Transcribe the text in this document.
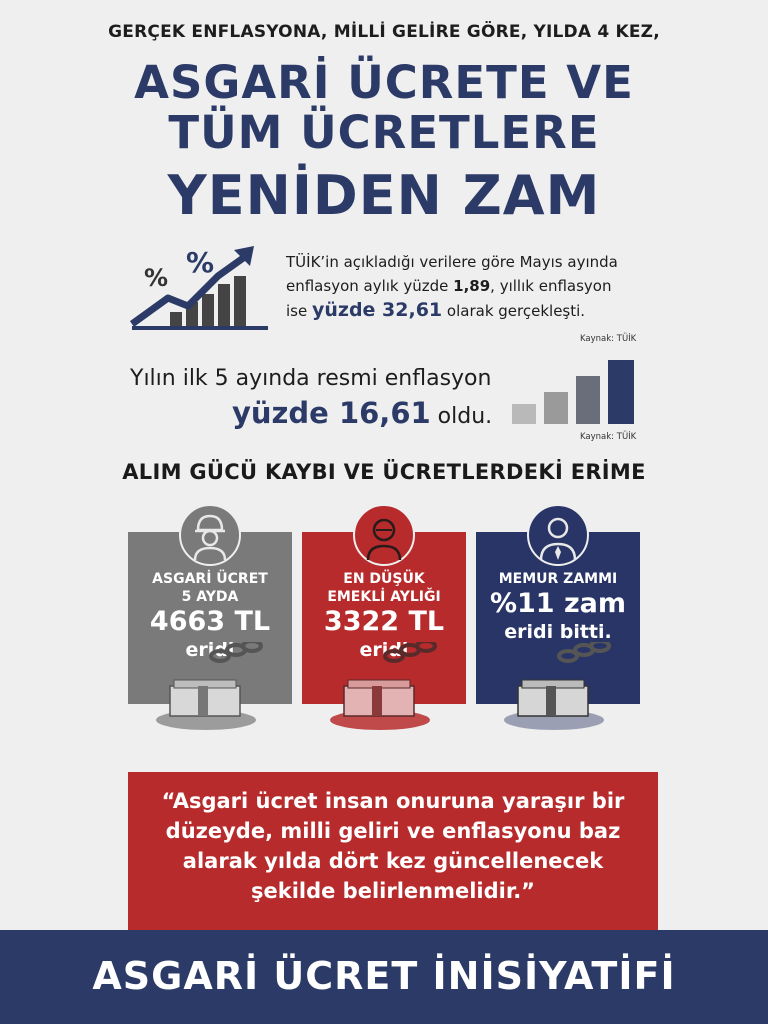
GERÇEK ENFLASYONA, MİLLİ GELİRE GÖRE, YILDA 4 KEZ,
ASGARİ ÜCRETE VE
TÜM ÜCRETLERE
YENİDEN ZAM
% %	TÜİK’in açıkladığı verilere göre Mayıs ayında
enflasyon aylık yüzde 1,89, yıllık enflasyon
ise yüzde 32,61 olarak gerçekleşti.
Kaynak: TÜİK
Yılın ilk 5 ayında resmi enflasyon
yüzde 16,61 oldu.
Kaynak: TÜİK
ALIM GÜCÜ KAYBI VE ÜCRETLERDEKİ ERİME
ASGARİ ÜCRET
5 AYDA
4663 TL
eridi
EN DÜŞÜK
EMEKLİ AYLIĞI
3322 TL
eridi
MEMUR ZAMMI
%11 zam
eridi bitti.
“Asgari ücret insan onuruna yaraşır bir
düzeyde, milli geliri ve enflasyonu baz
alarak yılda dört kez güncellenecek
şekilde belirlenmelidir.”
ASGARİ ÜCRET İNİSİYATİFİ
